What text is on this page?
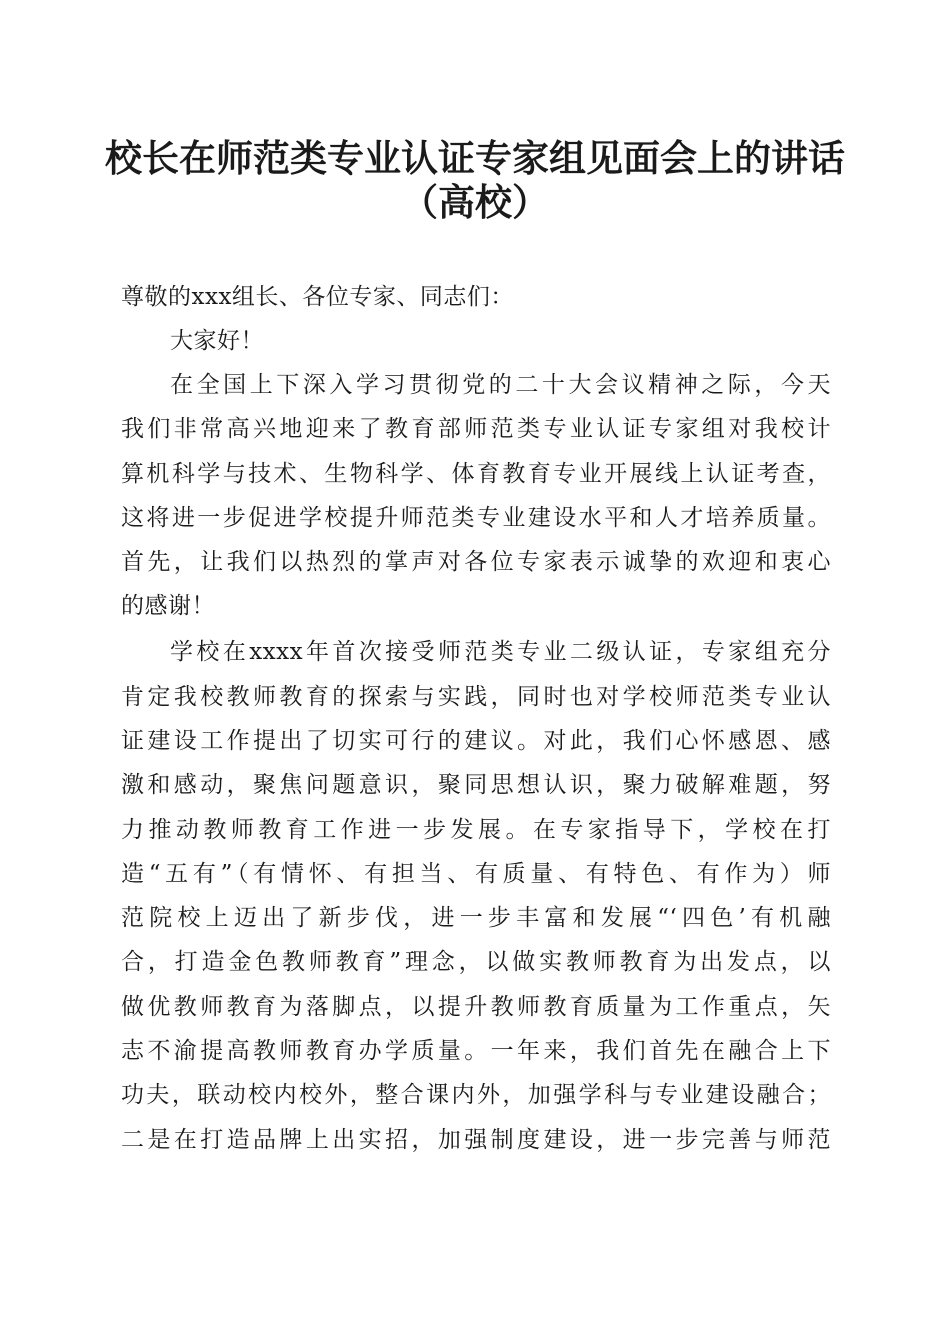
校长在师范类专业认证专家组见面会上的讲话
（高校）

尊敬的xxx组长、各位专家、同志们：

大家好！

在全国上下深入学习贯彻党的二十大会议精神之际，今天

我们非常高兴地迎来了教育部师范类专业认证专家组对我校计

算机科学与技术、生物科学、体育教育专业开展线上认证考查，

这将进一步促进学校提升师范类专业建设水平和人才培养质量。

首先，让我们以热烈的掌声对各位专家表示诚挚的欢迎和衷心

的感谢！

学校在xxxx年首次接受师范类专业二级认证，专家组充分

肯定我校教师教育的探索与实践，同时也对学校师范类专业认

证建设工作提出了切实可行的建议。对此，我们心怀感恩、感

激和感动，聚焦问题意识，聚同思想认识，聚力破解难题，努

力推动教师教育工作进一步发展。在专家指导下，学校在打

造“五有”（有情怀、有担当、有质量、有特色、有作为）师

范院校上迈出了新步伐，进一步丰富和发展“‘四色’有机融

合，打造金色教师教育”理念，以做实教师教育为出发点，以

做优教师教育为落脚点，以提升教师教育质量为工作重点，矢

志不渝提高教师教育办学质量。一年来，我们首先在融合上下

功夫，联动校内校外，整合课内外，加强学科与专业建设融合；

二是在打造品牌上出实招，加强制度建设，进一步完善与师范
